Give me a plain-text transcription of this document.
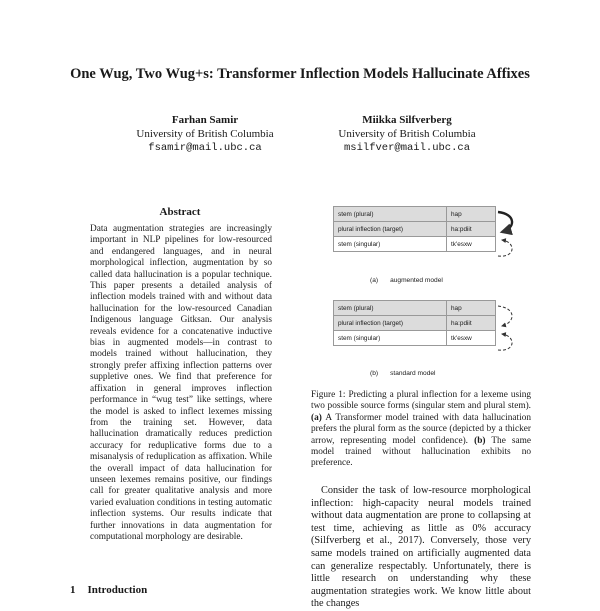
One Wug, Two Wug+s: Transformer Inflection Models Hallucinate Affixes
Farhan Samir
University of British Columbia
fsamir@mail.ubc.ca
Miikka Silfverberg
University of British Columbia
msilfver@mail.ubc.ca
Abstract
Data augmentation strategies are increasingly important in NLP pipelines for low-resourced and endangered languages, and in neural morphological inflection, augmentation by so called data hallucination is a popular technique. This paper presents a detailed analysis of inflection models trained with and without data hallucination for the low-resourced Canadian Indigenous language Gitksan. Our analysis reveals evidence for a concatenative inductive bias in augmented models—in contrast to models trained without hallucination, they strongly prefer affixing inflection patterns over suppletive ones. We find that preference for affixation in general improves inflection performance in “wug test” like settings, where the model is asked to inflect lexemes missing from the training set. However, data hallucination dramatically reduces prediction accuracy for reduplicative forms due to a misanalysis of reduplication as affixation. While the overall impact of data hallucination for unseen lexemes remains positive, our findings call for greater qualitative analysis and more varied evaluation conditions in testing automatic inflection systems. Our results indicate that further innovations in data augmentation for computational morphology are desirable.
1 Introduction
stem (plural)	hap
plural inflection (target)	ha:pdiit
stem (singular)	tk'esxw
(a) augmented model
stem (plural)	hap
plural inflection (target)	ha:pdiit
stem (singular)	tk'esxw
(b) standard model
Figure 1: Predicting a plural inflection for a lexeme using two possible source forms (singular stem and plural stem). (a) A Transformer model trained with data hallucination prefers the plural form as the source (depicted by a thicker arrow, representing model confidence). (b) The same model trained without hallucination exhibits no preference.
Consider the task of low-resource morphological inflection: high-capacity neural models trained without data augmentation are prone to collapsing at test time, achieving as little as 0% accuracy (Silfverberg et al., 2017). Conversely, those very same models trained on artificially augmented data can generalize respectably. Unfortunately, there is little research on understanding why these augmentation strategies work. We know little about the changes
